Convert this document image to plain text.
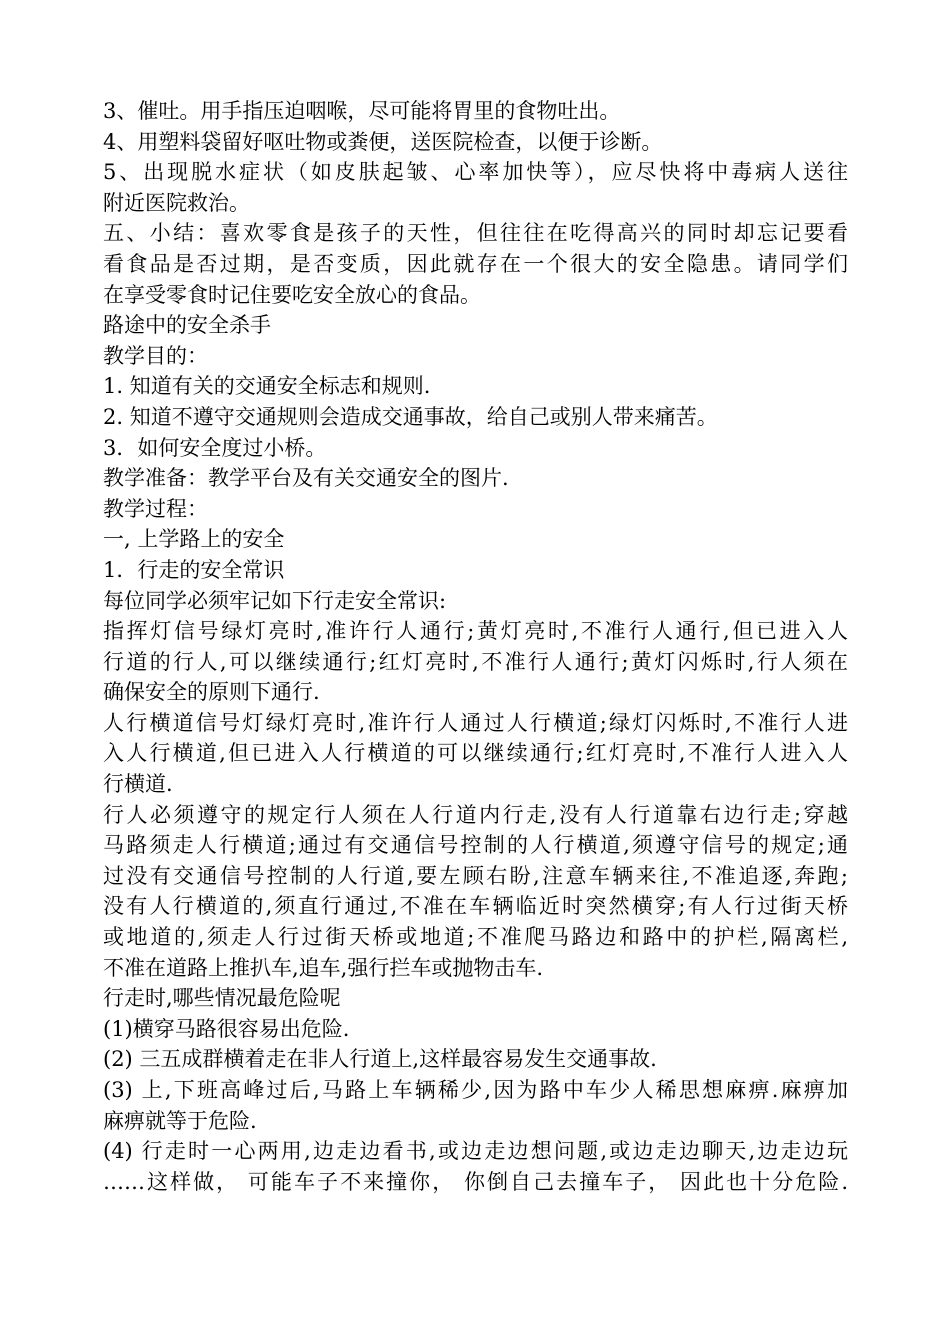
3、催吐。用手指压迫咽喉，尽可能将胃里的食物吐出。

4、用塑料袋留好呕吐物或粪便，送医院检查，以便于诊断。

5、出现脱水症状（如皮肤起皱、心率加快等），应尽快将中毒病人送往

附近医院救治。

五、小结：喜欢零食是孩子的天性，但往往在吃得高兴的同时却忘记要看

看食品是否过期，是否变质，因此就存在一个很大的安全隐患。请同学们

在享受零食时记住要吃安全放心的食品。

路途中的安全杀手

教学目的：

1. 知道有关的交通安全标志和规则.

2. 知道不遵守交通规则会造成交通事故，给自己或别人带来痛苦。

3．如何安全度过小桥。

教学准备：教学平台及有关交通安全的图片.

教学过程：

一, 上学路上的安全

1．行走的安全常识

每位同学必须牢记如下行走安全常识:

指挥灯信号绿灯亮时,准许行人通行;黄灯亮时,不准行人通行,但已进入人

行道的行人,可以继续通行;红灯亮时,不准行人通行;黄灯闪烁时,行人须在

确保安全的原则下通行.

人行横道信号灯绿灯亮时,准许行人通过人行横道;绿灯闪烁时,不准行人进

入人行横道,但已进入人行横道的可以继续通行;红灯亮时,不准行人进入人

行横道.

行人必须遵守的规定行人须在人行道内行走,没有人行道靠右边行走;穿越

马路须走人行横道;通过有交通信号控制的人行横道,须遵守信号的规定;通

过没有交通信号控制的人行道,要左顾右盼,注意车辆来往,不准追逐,奔跑;

没有人行横道的,须直行通过,不准在车辆临近时突然横穿;有人行过街天桥

或地道的,须走人行过街天桥或地道;不准爬马路边和路中的护栏,隔离栏,

不准在道路上推扒车,追车,强行拦车或抛物击车.

行走时,哪些情况最危险呢

(1)横穿马路很容易出危险.

(2) 三五成群横着走在非人行道上,这样最容易发生交通事故.

(3) 上,下班高峰过后,马路上车辆稀少,因为路中车少人稀思想麻痹.麻痹加

麻痹就等于危险.

(4) 行走时一心两用,边走边看书,或边走边想问题,或边走边聊天,边走边玩

……这样做， 可能车子不来撞你， 你倒自己去撞车子， 因此也十分危险.
